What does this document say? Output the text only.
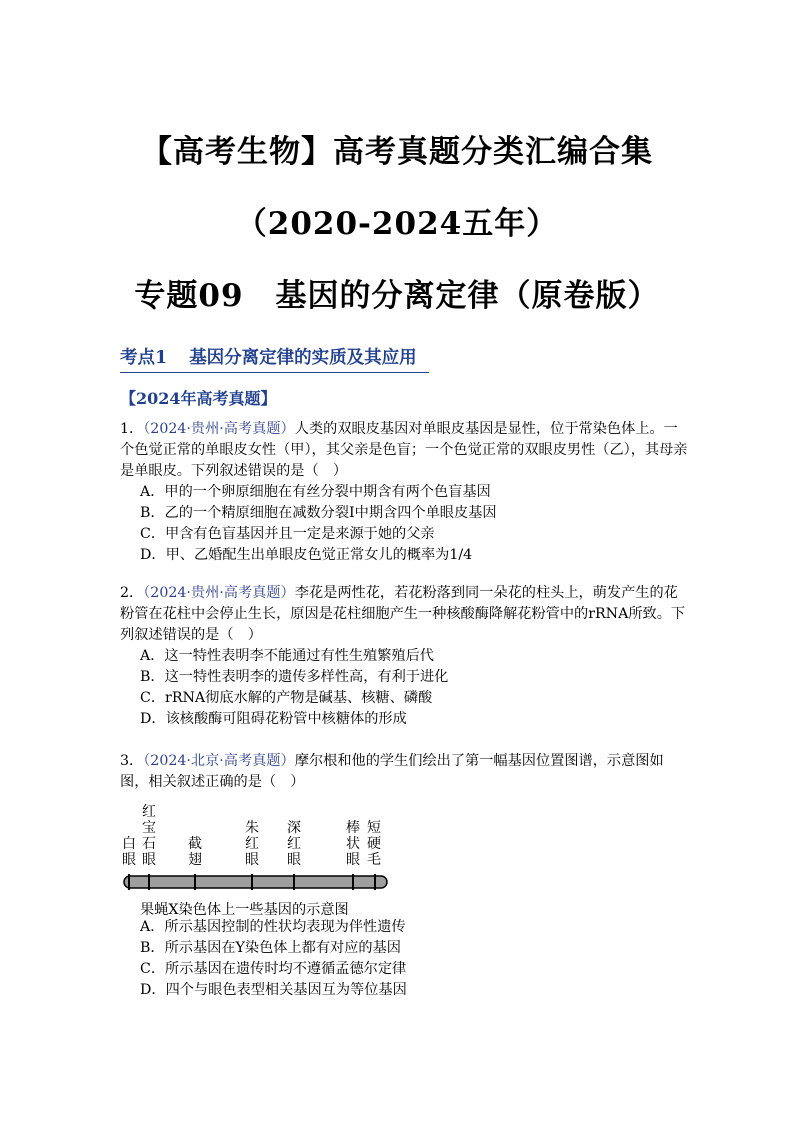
【高考生物】高考真题分类汇编合集
（2020-2024五年）
专题09　基因的分离定律（原卷版）
考点1 基因分离定律的实质及其应用
【2024年高考真题】

1．（2024·贵州·高考真题）人类的双眼皮基因对单眼皮基因是显性，位于常染色体上。一个色觉正常的单眼皮女性（甲），其父亲是色盲；一个色觉正常的双眼皮男性（乙），其母亲是单眼皮。下列叙述错误的是（　）

A．甲的一个卵原细胞在有丝分裂中期含有两个色盲基因

B．乙的一个精原细胞在减数分裂Ⅰ中期含四个单眼皮基因

C．甲含有色盲基因并且一定是来源于她的父亲

D．甲、乙婚配生出单眼皮色觉正常女儿的概率为1/4

2．（2024·贵州·高考真题）李花是两性花，若花粉落到同一朵花的柱头上，萌发产生的花粉管在花柱中会停止生长，原因是花柱细胞产生一种核酸酶降解花粉管中的rRNA所致。下列叙述错误的是（　）

A．这一特性表明李不能通过有性生殖繁殖后代

B．这一特性表明李的遗传多样性高，有利于进化

C．rRNA彻底水解的产物是碱基、核糖、磷酸

D．该核酸酶可阻碍花粉管中核糖体的形成

3．（2024·北京·高考真题）摩尔根和他的学生们绘出了第一幅基因位置图谱，示意图如图，相关叙述正确的是（　）

白
眼
红
宝
石
眼
截
翅
朱
红
眼
深
红
眼
棒
状
眼
短
硬
毛
果蝇X染色体上一些基因的示意图

A．所示基因控制的性状均表现为伴性遗传

B．所示基因在Y染色体上都有对应的基因

C．所示基因在遗传时均不遵循孟德尔定律

D．四个与眼色表型相关基因互为等位基因
